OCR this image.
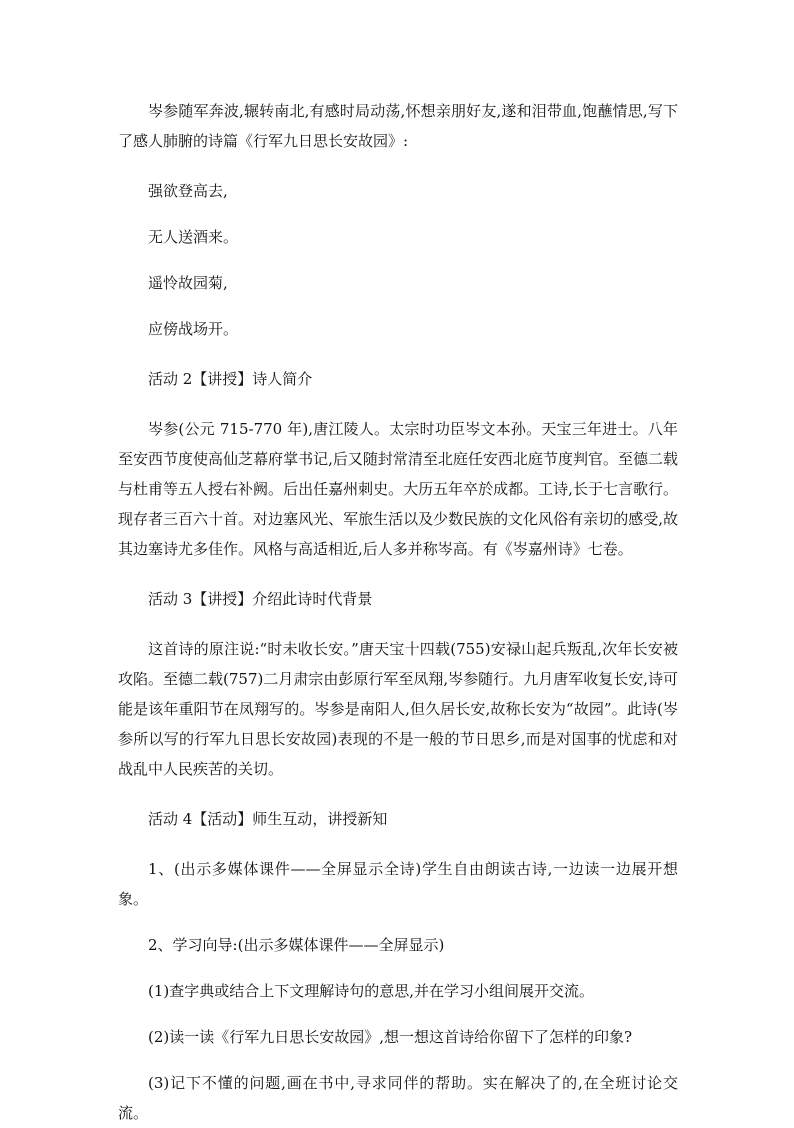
岑参随军奔波,辗转南北,有感时局动荡,怀想亲朋好友,遂和泪带血,饱蘸情思,写下了感人肺腑的诗篇《行军九日思长安故园》:

强欲登高去,

无人送酒来。

遥怜故园菊,

应傍战场开。

活动 2【讲授】诗人简介

岑参(公元 715-770 年),唐江陵人。太宗时功臣岑文本孙。天宝三年进士。八年至安西节度使高仙芝幕府掌书记,后又随封常清至北庭任安西北庭节度判官。至德二载与杜甫等五人授右补阙。后出任嘉州刺史。大历五年卒於成都。工诗,长于七言歌行。现存者三百六十首。对边塞风光、军旅生活以及少数民族的文化风俗有亲切的感受,故其边塞诗尤多佳作。风格与高适相近,后人多并称岑高。有《岑嘉州诗》七卷。

活动 3【讲授】介绍此诗时代背景

这首诗的原注说:“时未收长安。”唐天宝十四载(755)安禄山起兵叛乱,次年长安被攻陷。至德二载(757)二月肃宗由彭原行军至凤翔,岑参随行。九月唐军收复长安,诗可能是该年重阳节在凤翔写的。岑参是南阳人,但久居长安,故称长安为“故园”。此诗(岑参所以写的行军九日思长安故园)表现的不是一般的节日思乡,而是对国事的忧虑和对战乱中人民疾苦的关切。

活动 4【活动】师生互动，讲授新知

1、(出示多媒体课件——全屏显示全诗)学生自由朗读古诗,一边读一边展开想象。

2、学习向导:(出示多媒体课件——全屏显示)

(1)查字典或结合上下文理解诗句的意思,并在学习小组间展开交流。

(2)读一读《行军九日思长安故园》,想一想这首诗给你留下了怎样的印象?

(3)记下不懂的问题,画在书中,寻求同伴的帮助。实在解决了的,在全班讨论交流。
